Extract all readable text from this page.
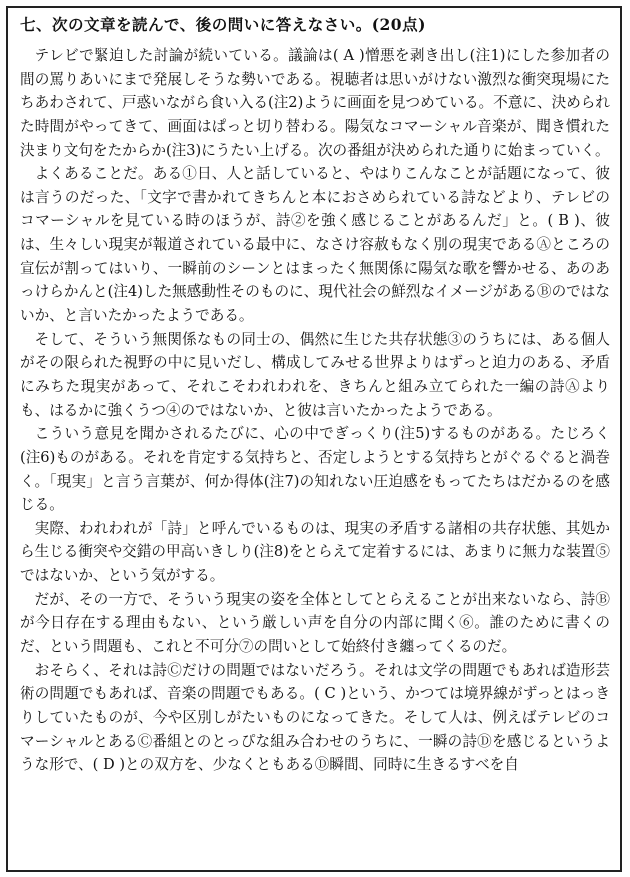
七、次の文章を読んで、後の問いに答えなさい。(20点)

テレビで緊迫した討論が続いている。議論は( A )憎悪を剥き出し(注1)にした参加者の間の罵りあいにまで発展しそうな勢いである。視聴者は思いがけない激烈な衝突現場にたちあわされて、戸惑いながら食い入る(注2)ように画面を見つめている。不意に、決められた時間がやってきて、画面はぱっと切り替わる。陽気なコマーシャル音楽が、聞き慣れた決まり文句をたからか(注3)にうたい上げる。次の番組が決められた通りに始まっていく。

よくあることだ。ある①日、人と話していると、やはりこんなことが話題になって、彼は言うのだった、「文字で書かれてきちんと本におさめられている詩などより、テレビのコマーシャルを見ている時のほうが、詩②を強く感じることがあるんだ」と。( B )、彼は、生々しい現実が報道されている最中に、なさけ容赦もなく別の現実であるⒶところの宣伝が割ってはいり、一瞬前のシーンとはまったく無関係に陽気な歌を響かせる、あのあっけらかんと(注4)した無感動性そのものに、現代社会の鮮烈なイメージがあるⒷのではないか、と言いたかったようである。

そして、そういう無関係なもの同士の、偶然に生じた共存状態③のうちには、ある個人がその限られた視野の中に見いだし、構成してみせる世界よりはずっと迫力のある、矛盾にみちた現実があって、それこそわれわれを、きちんと組み立てられた一編の詩Ⓐよりも、はるかに強くうつ④のではないか、と彼は言いたかったようである。

こういう意見を聞かされるたびに、心の中でぎっくり(注5)するものがある。たじろく(注6)ものがある。それを肯定する気持ちと、否定しようとする気持ちとがぐるぐると渦巻く。「現実」と言う言葉が、何か得体(注7)の知れない圧迫感をもってたちはだかるのを感じる。

実際、われわれが「詩」と呼んでいるものは、現実の矛盾する諸相の共存状態、其処から生じる衝突や交錯の甲高いきしり(注8)をとらえて定着するには、あまりに無力な装置⑤ではないか、という気がする。

だが、その一方で、そういう現実の姿を全体としてとらえることが出来ないなら、詩Ⓑが今日存在する理由もない、という厳しい声を自分の内部に聞く⑥。誰のために書くのだ、という問題も、これと不可分⑦の問いとして始終付き纏ってくるのだ。

おそらく、それは詩Ⓒだけの問題ではないだろう。それは文学の問題でもあれば造形芸術の問題でもあれば、音楽の問題でもある。( C )という、かつては境界線がずっとはっきりしていたものが、今や区別しがたいものになってきた。そして人は、例えばテレビのコマーシャルとあるⒸ番組とのとっぴな組み合わせのうちに、一瞬の詩Ⓓを感じるというような形で、( D )との双方を、少なくともあるⒹ瞬間、同時に生きるすべを自
